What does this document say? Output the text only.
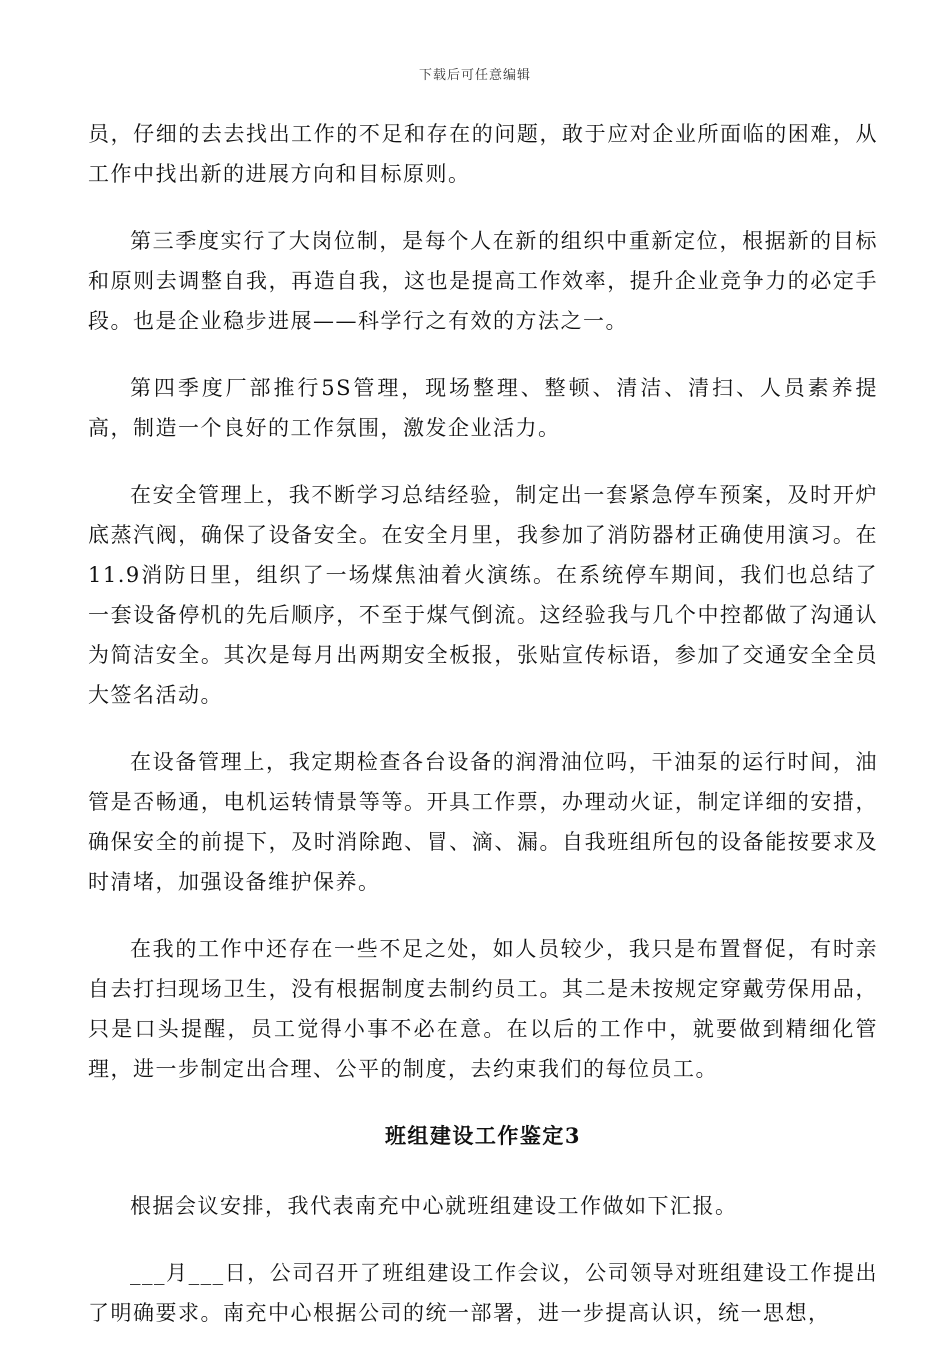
下载后可任意编辑

员，仔细的去去找出工作的不足和存在的问题，敢于应对企业所面临的困难，从工作中找出新的进展方向和目标原则。

第三季度实行了大岗位制，是每个人在新的组织中重新定位，根据新的目标和原则去调整自我，再造自我，这也是提高工作效率，提升企业竞争力的必定手段。也是企业稳步进展——科学行之有效的方法之一。

第四季度厂部推行5S管理，现场整理、整顿、清洁、清扫、人员素养提高，制造一个良好的工作氛围，激发企业活力。

在安全管理上，我不断学习总结经验，制定出一套紧急停车预案，及时开炉底蒸汽阀，确保了设备安全。在安全月里，我参加了消防器材正确使用演习。在11.9消防日里，组织了一场煤焦油着火演练。在系统停车期间，我们也总结了一套设备停机的先后顺序，不至于煤气倒流。这经验我与几个中控都做了沟通认为简洁安全。其次是每月出两期安全板报，张贴宣传标语，参加了交通安全全员大签名活动。

在设备管理上，我定期检查各台设备的润滑油位吗，干油泵的运行时间，油管是否畅通，电机运转情景等等。开具工作票，办理动火证，制定详细的安措，确保安全的前提下，及时消除跑、冒、滴、漏。自我班组所包的设备能按要求及时清堵，加强设备维护保养。

在我的工作中还存在一些不足之处，如人员较少，我只是布置督促，有时亲自去打扫现场卫生，没有根据制度去制约员工。其二是未按规定穿戴劳保用品，只是口头提醒，员工觉得小事不必在意。在以后的工作中，就要做到精细化管理，进一步制定出合理、公平的制度，去约束我们的每位员工。

班组建设工作鉴定3

根据会议安排，我代表南充中心就班组建设工作做如下汇报。

___月___日，公司召开了班组建设工作会议，公司领导对班组建设工作提出了明确要求。南充中心根据公司的统一部署，进一步提高认识，统一思想，
